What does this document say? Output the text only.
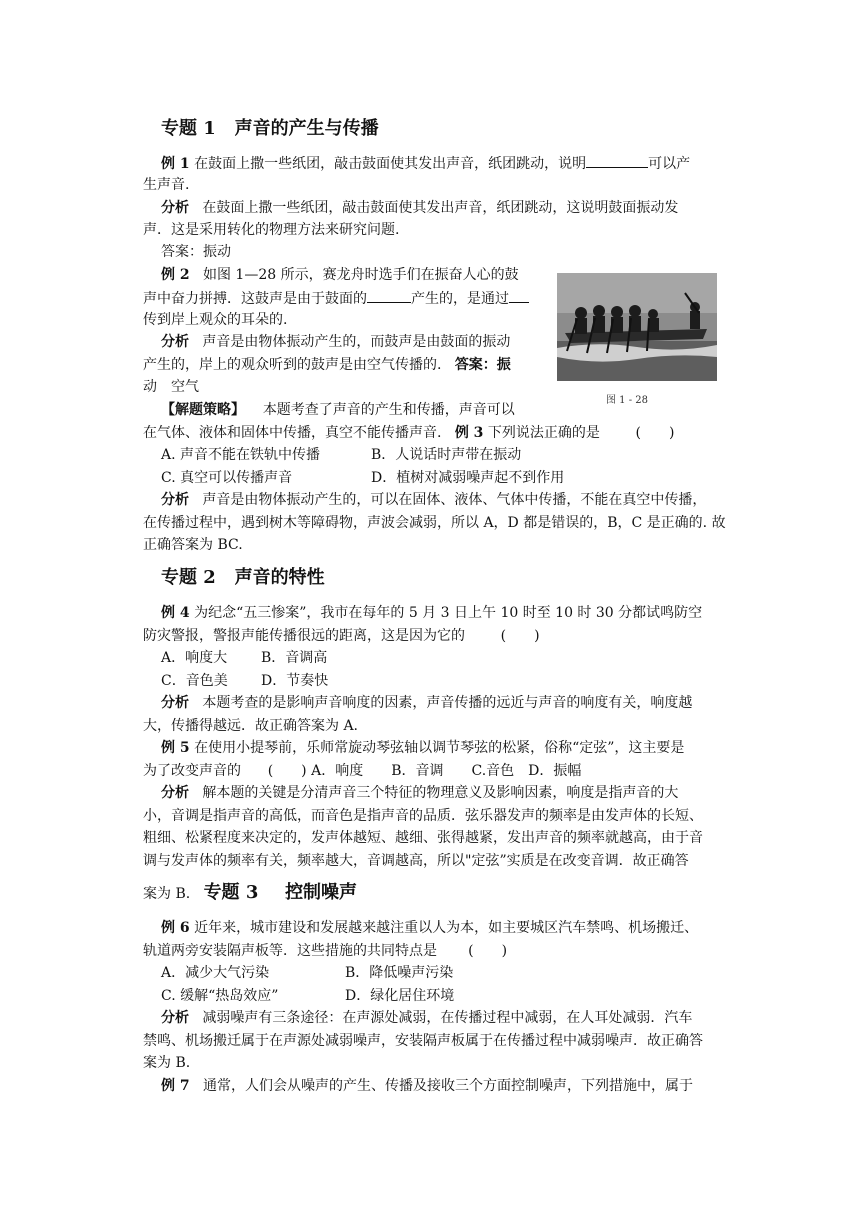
专题 1 声音的产生与传播
例 1 在鼓面上撒一些纸团，敲击鼓面使其发出声音，纸团跳动，说明	可以产
生声音.
分析 在鼓面上撒一些纸团，敲击鼓面使其发出声音，纸团跳动，这说明鼓面振动发
声．这是采用转化的物理方法来研究问题.
答案：振动
例 2 如图 1—28 所示，赛龙舟时选手们在振奋人心的鼓
声中奋力拼搏．这鼓声是由于鼓面的	产生的，是通过
传到岸上观众的耳朵的.
分析 声音是由物体振动产生的，而鼓声是由鼓面的振动
产生的，岸上的观众听到的鼓声是由空气传播的. 答案：振
动　空气
图 1 - 28
【解题策略】 本题考查了声音的产生和传播，声音可以
在气体、液体和固体中传播，真空不能传播声音. 例 3 下列说法正确的是	(　　)
A. 声音不能在铁轨中传播	B．人说话时声带在振动
C. 真空可以传播声音	D．植树对减弱噪声起不到作用
分析 声音是由物体振动产生的，可以在固体、液体、气体中传播，不能在真空中传播，
在传播过程中，遇到树木等障碍物，声波会减弱，所以 A，D 都是错误的，B，C 是正确的. 故
正确答案为 BC.
专题 2 声音的特性
例 4 为纪念“五三惨案”，我市在每年的 5 月 3 日上午 10 时至 10 时 30 分都试鸣防空
防灾警报，警报声能传播很远的距离，这是因为它的	(　　)
A．响度大 B．音调高
C．音色美 D．节奏快
分析 本题考查的是影响声音响度的因素，声音传播的远近与声音的响度有关，响度越
大，传播得越远．故正确答案为 A.
例 5 在使用小提琴前，乐师常旋动琴弦轴以调节琴弦的松紧，俗称“定弦”，这主要是
为了改变声音的 (　　) A．响度　　B．音调　　C.音色　D．振幅
分析 解本题的关键是分清声音三个特征的物理意义及影响因素，响度是指声音的大
小，音调是指声音的高低，而音色是指声音的品质．弦乐器发声的频率是由发声体的长短、
粗细、松紧程度来决定的，发声体越短、越细、张得越紧，发出声音的频率就越高，由于音
调与发声体的频率有关，频率越大，音调越高，所以"定弦”实质是在改变音调．故正确答
案为 B. 专题 3 控制噪声
例 6 近年来，城市建设和发展越来越注重以人为本，如主要城区汽车禁鸣、机场搬迁、
轨道两旁安装隔声板等．这些措施的共同特点是 (　　)
A．减少大气污染	B．降低噪声污染
C. 缓解“热岛效应”	D．绿化居住环境
分析 减弱噪声有三条途径：在声源处减弱，在传播过程中减弱，在人耳处减弱．汽车
禁鸣、机场搬迁属于在声源处减弱噪声，安装隔声板属于在传播过程中减弱噪声．故正确答
案为 B.
例 7 通常，人们会从噪声的产生、传播及接收三个方面控制噪声，下列措施中，属于
